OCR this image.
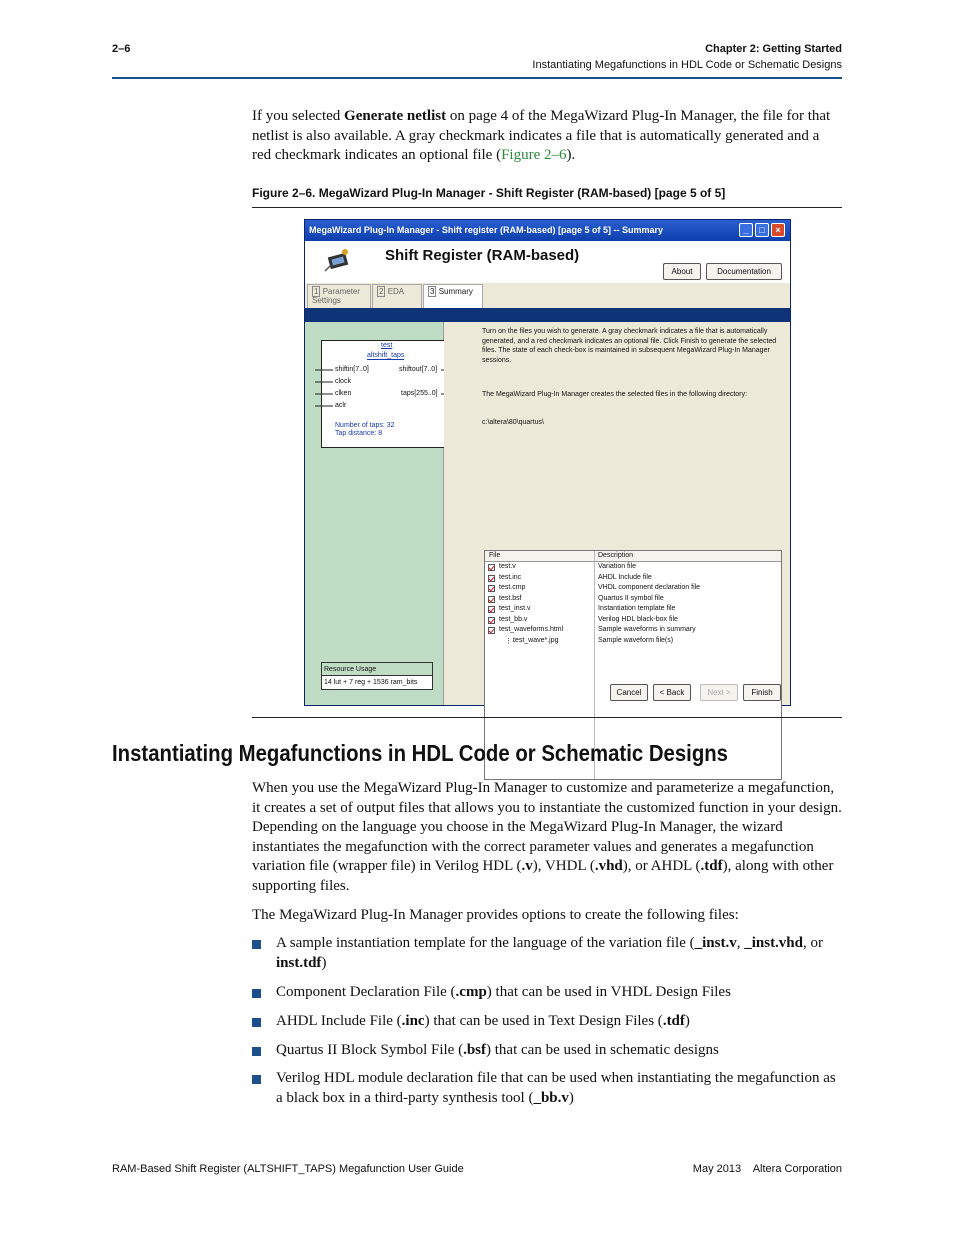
2–6	Chapter 2: Getting Started
Instantiating Megafunctions in HDL Code or Schematic Designs
If you selected Generate netlist on page 4 of the MegaWizard Plug-In Manager, the file for that netlist is also available. A gray checkmark indicates a file that is automatically generated and a red checkmark indicates an optional file (Figure 2–6).
Figure 2–6. MegaWizard Plug-In Manager - Shift Register (RAM-based) [page 5 of 5]
MegaWizard Plug-In Manager - Shift register (RAM-based) [page 5 of 5] -- Summary	_	□	×
Shift Register (RAM-based)
About	Documentation
1 Parameter Settings
2 EDA	3 Summary
test
altshift_taps
shiftin[7..0]
clock
clken
aclr
shiftout[7..0]
taps[255..0]
Number of taps: 32
Tap distance: 8
Resource Usage
14 lut + 7 reg + 1536 ram_bits
Turn on the files you wish to generate. A gray checkmark indicates a file that is automatically generated, and a red checkmark indicates an optional file. Click Finish to generate the selected files. The state of each check-box is maintained in subsequent MegaWizard Plug-In Manager sessions.
The MegaWizard Plug-In Manager creates the selected files in the following directory:
c:\altera\80\quartus\
File	Description
test.v	Variation file
test.inc	AHDL Include file
test.cmp	VHDL component declaration file
test.bsf	Quartus II symbol file
test_inst.v	Instantiation template file
test_bb.v	Verilog HDL black-box file
test_waveforms.html	Sample waveforms in summary
⋮·
test_wave*.jpg	Sample waveform file(s)
Cancel	< Back	Next >	Finish
Instantiating Megafunctions in HDL Code or Schematic Designs
When you use the MegaWizard Plug-In Manager to customize and parameterize a megafunction, it creates a set of output files that allows you to instantiate the customized function in your design. Depending on the language you choose in the MegaWizard Plug-In Manager, the wizard instantiates the megafunction with the correct parameter values and generates a megafunction variation file (wrapper file) in Verilog HDL (.v), VHDL (.vhd), or AHDL (.tdf), along with other supporting files.
The MegaWizard Plug-In Manager provides options to create the following files:
A sample instantiation template for the language of the variation file (_inst.v, _inst.vhd, or inst.tdf)
Component Declaration File (.cmp) that can be used in VHDL Design Files
AHDL Include File (.inc) that can be used in Text Design Files (.tdf)
Quartus II Block Symbol File (.bsf) that can be used in schematic designs
Verilog HDL module declaration file that can be used when instantiating the megafunction as a black box in a third-party synthesis tool (_bb.v)
RAM-Based Shift Register (ALTSHIFT_TAPS) Megafunction User Guide	May 2013    Altera Corporation
